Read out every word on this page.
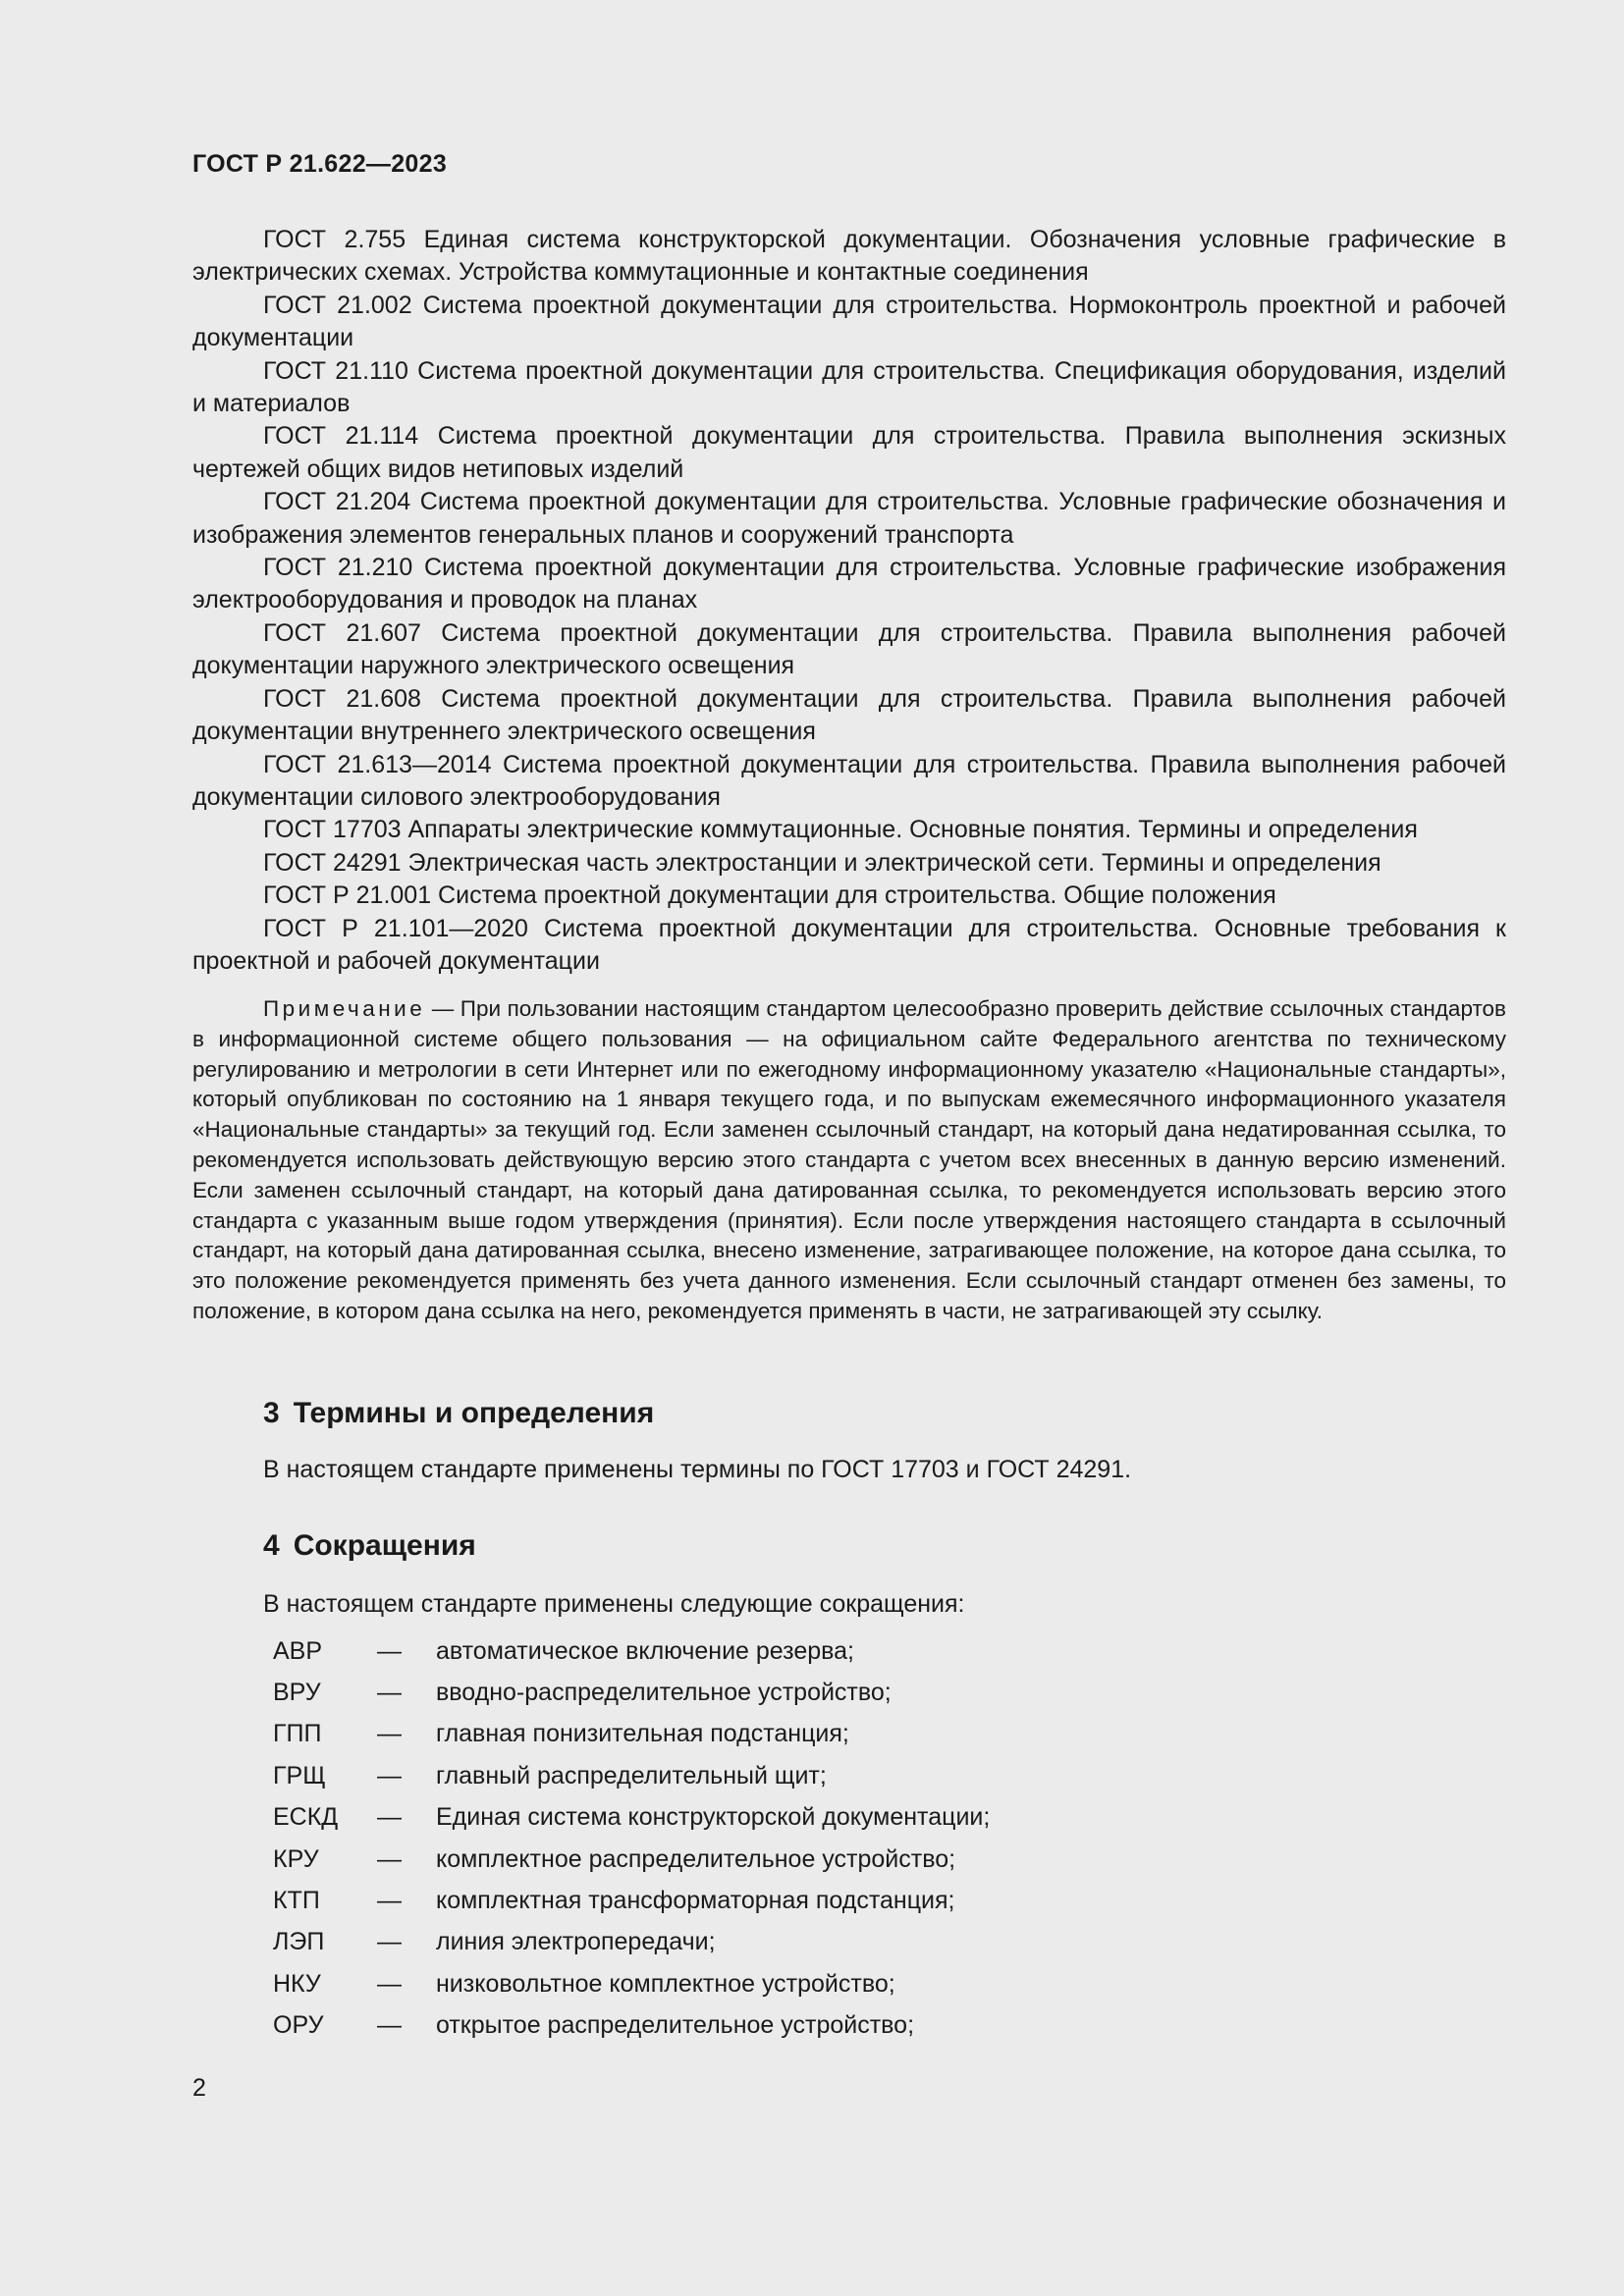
ГОСТ Р 21.622—2023

ГОСТ 2.755 Единая система конструкторской документации. Обозначения условные графические в электрических схемах. Устройства коммутационные и контактные соединения

ГОСТ 21.002 Система проектной документации для строительства. Нормоконтроль проектной и рабочей документации

ГОСТ 21.110 Система проектной документации для строительства. Спецификация оборудования, изделий и материалов

ГОСТ 21.114 Система проектной документации для строительства. Правила выполнения эскизных чертежей общих видов нетиповых изделий

ГОСТ 21.204 Система проектной документации для строительства. Условные графические обозначения и изображения элементов генеральных планов и сооружений транспорта

ГОСТ 21.210 Система проектной документации для строительства. Условные графические изображения электрооборудования и проводок на планах

ГОСТ 21.607 Система проектной документации для строительства. Правила выполнения рабочей документации наружного электрического освещения

ГОСТ 21.608 Система проектной документации для строительства. Правила выполнения рабочей документации внутреннего электрического освещения

ГОСТ 21.613—2014 Система проектной документации для строительства. Правила выполнения рабочей документации силового электрооборудования

ГОСТ 17703 Аппараты электрические коммутационные. Основные понятия. Термины и определения

ГОСТ 24291 Электрическая часть электростанции и электрической сети. Термины и определения

ГОСТ Р 21.001 Система проектной документации для строительства. Общие положения

ГОСТ Р 21.101—2020 Система проектной документации для строительства. Основные требования к проектной и рабочей документации

Примечание — При пользовании настоящим стандартом целесообразно проверить действие ссылочных стандартов в информационной системе общего пользования — на официальном сайте Федерального агентства по техническому регулированию и метрологии в сети Интернет или по ежегодному информационному указателю «Национальные стандарты», который опубликован по состоянию на 1 января текущего года, и по выпускам ежемесячного информационного указателя «Национальные стандарты» за текущий год. Если заменен ссылочный стандарт, на который дана недатированная ссылка, то рекомендуется использовать действующую версию этого стандарта с учетом всех внесенных в данную версию изменений. Если заменен ссылочный стандарт, на который дана датированная ссылка, то рекомендуется использовать версию этого стандарта с указанным выше годом утверждения (принятия). Если после утверждения настоящего стандарта в ссылочный стандарт, на который дана датированная ссылка, внесено изменение, затрагивающее положение, на которое дана ссылка, то это положение рекомендуется применять без учета данного изменения. Если ссылочный стандарт отменен без замены, то положение, в котором дана ссылка на него, рекомендуется применять в части, не затрагивающей эту ссылку.

3 Термины и определения

В настоящем стандарте применены термины по ГОСТ 17703 и ГОСТ 24291.

4 Сокращения

В настоящем стандарте применены следующие сокращения:

АВР	—	автоматическое включение резерва;
ВРУ	—	вводно-распределительное устройство;
ГПП	—	главная понизительная подстанция;
ГРЩ	—	главный распределительный щит;
ЕСКД	—	Единая система конструкторской документации;
КРУ	—	комплектное распределительное устройство;
КТП	—	комплектная трансформаторная подстанция;
ЛЭП	—	линия электропередачи;
НКУ	—	низковольтное комплектное устройство;
ОРУ	—	открытое распределительное устройство;
2
